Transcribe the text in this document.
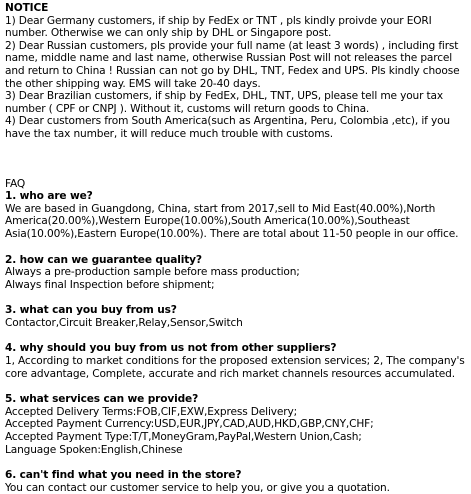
NOTICE

1) Dear Germany customers, if ship by FedEx or TNT , pls kindly proivde your EORI number. Otherwise we can only ship by DHL or Singapore post.

2) Dear Russian customers, pls provide your full name (at least 3 words) , including first name, middle name and last name, otherwise Russian Post will not releases the parcel and return to China ! Russian can not go by DHL, TNT, Fedex and UPS. Pls kindly choose the other shipping way. EMS will take 20-40 days.

3) Dear Brazilian customers, if ship by FedEx, DHL, TNT, UPS, please tell me your tax number ( CPF or CNPJ ). Without it, customs will return goods to China.

4) Dear customers from South America(such as Argentina, Peru, Colombia ,etc), if you have the tax number, it will reduce much trouble with customs.

FAQ
1. who are we?

We are based in Guangdong, China, start from 2017,sell to Mid East(40.00%),North America(20.00%),Western Europe(10.00%),South America(10.00%),Southeast Asia(10.00%),Eastern Europe(10.00%). There are total about 11-50 people in our office.

2. how can we guarantee quality?

Always a pre-production sample before mass production;

Always final Inspection before shipment;

3. what can you buy from us?

Contactor,Circuit Breaker,Relay,Sensor,Switch

4. why should you buy from us not from other suppliers?

1, According to market conditions for the proposed extension services; 2, The company's core advantage, Complete, accurate and rich market channels resources accumulated.

5. what services can we provide?

Accepted Delivery Terms:FOB,CIF,EXW,Express Delivery;

Accepted Payment Currency:USD,EUR,JPY,CAD,AUD,HKD,GBP,CNY,CHF;

Accepted Payment Type:T/T,MoneyGram,PayPal,Western Union,Cash;

Language Spoken:English,Chinese

6. can't find what you need in the store?

You can contact our customer service to help you, or give you a quotation.
